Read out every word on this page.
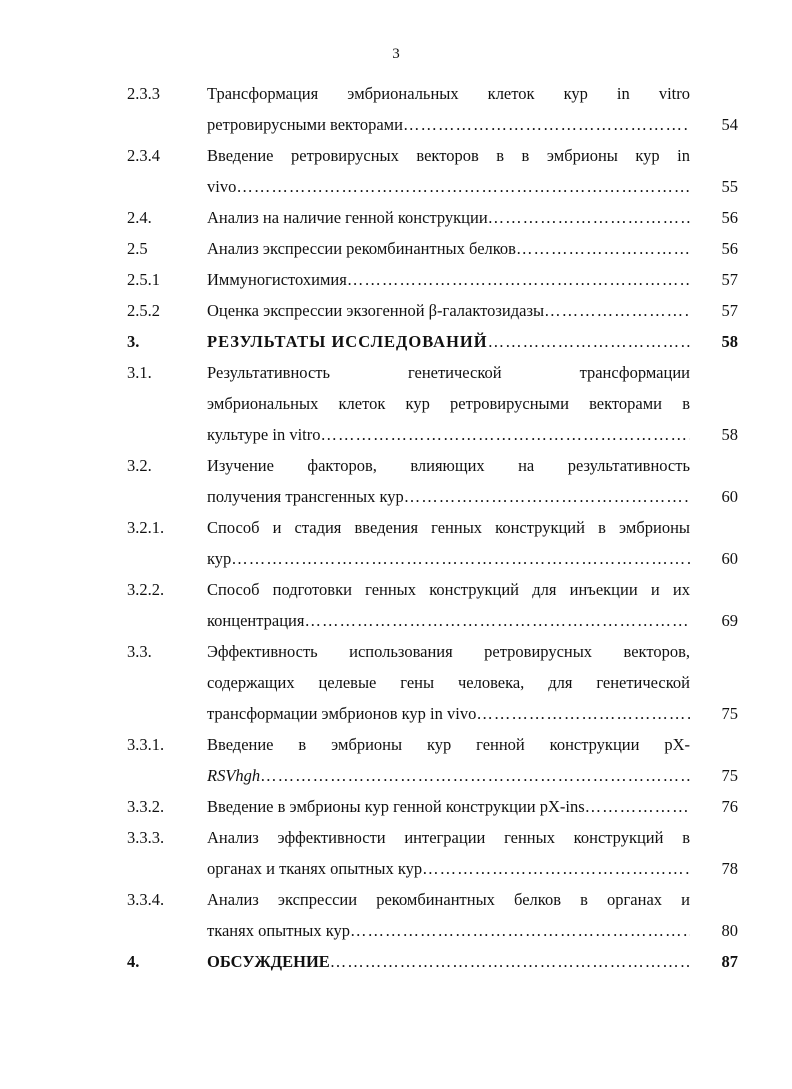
3
2.3.3	Трансформация эмбриональных клеток кур in vitro
ретровирусными векторами ……………………………………………………………………………………………………………………………	54
2.3.4	Введение ретровирусных векторов в в эмбрионы кур in
vivo ……………………………………………………………………………………………………………………………	55
2.4.	Анализ на наличие генной конструкции ……………………………………………………………………………………………………………………………	56
2.5	Анализ экспрессии рекомбинантных белков ……………………………………………………………………………………………………………………………	56
2.5.1	Иммуногистохимия ……………………………………………………………………………………………………………………………	57
2.5.2	Оценка экспрессии экзогенной β-галактозидазы ……………………………………………………………………………………………………………………………	57
3.	РЕЗУЛЬТАТЫ ИССЛЕДОВАНИЙ ……………………………………………………………………………………………………………………………	58
3.1.	Результативность генетической трансформации
эмбриональных клеток кур ретровирусными векторами в
культуре in vitro ……………………………………………………………………………………………………………………………	58
3.2.	Изучение факторов, влияющих на результативность
получения трансгенных кур ……………………………………………………………………………………………………………………………	60
3.2.1.	Способ и стадия введения генных конструкций в эмбрионы
кур ……………………………………………………………………………………………………………………………	60
3.2.2.	Способ подготовки генных конструкций для инъекции и их
концентрация ……………………………………………………………………………………………………………………………	69
3.3.	Эффективность использования ретровирусных векторов,
содержащих целевые гены человека, для генетической
трансформации эмбрионов кур in vivo ……………………………………………………………………………………………………………………………	75
3.3.1.	Введение в эмбрионы кур генной конструкции pX-
RSVhgh ……………………………………………………………………………………………………………………………	75
3.3.2.	Введение в эмбрионы кур генной конструкции pX-ins ……………………………………………………………………………………………………………………………	76
3.3.3.	Анализ эффективности интеграции генных конструкций в
органах и тканях опытных кур ……………………………………………………………………………………………………………………………	78
3.3.4.	Анализ экспрессии рекомбинантных белков в органах и
тканях опытных кур ……………………………………………………………………………………………………………………………	80
4.	ОБСУЖДЕНИЕ ……………………………………………………………………………………………………………………………	87
